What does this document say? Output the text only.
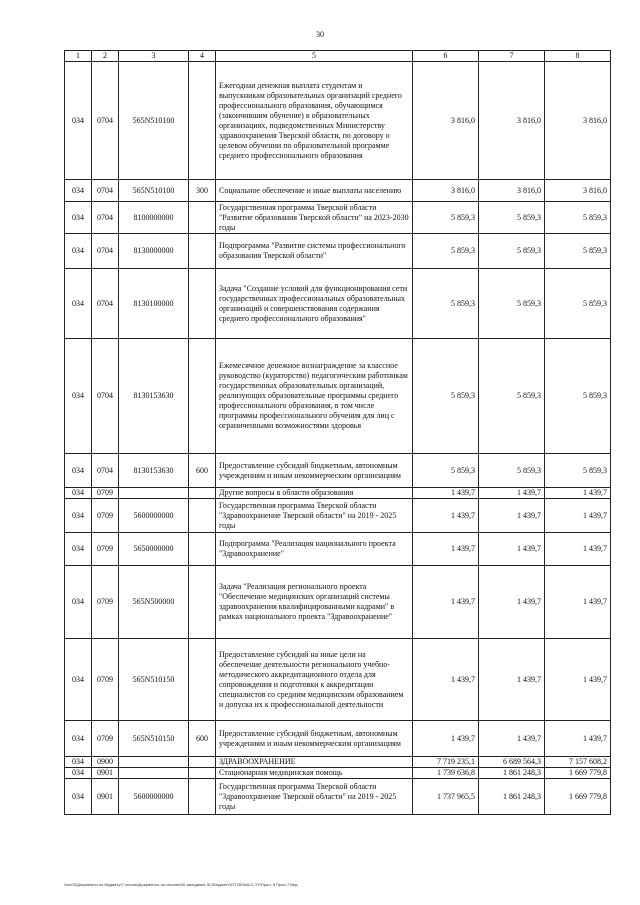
30
1	2	3	4	5	6	7	8
034	0704	565N510100		Ежегодная денежная выплата студентам и выпускникам образовательных организаций среднего профессионального образования, обучающимся (закончившим обучение) в образовательных организациях, подведомственных Министерству здравоохранения Тверской области, по договору о целевом обучении по образовательной программе среднего профессионального образования	3 816,0	3 816,0	3 816,0
034	0704	565N510100	300	Социальное обеспечение и иные выплаты населению	3 816,0	3 816,0	3 816,0
034	0704	8100000000		Государственная программа Тверской области "Развитие образования Тверской области" на 2023-2030 годы	5 859,3	5 859,3	5 859,3
034	0704	8130000000		Подпрограмма "Развитие системы профессионального образования Тверской области"	5 859,3	5 859,3	5 859,3
034	0704	8130100000		Задача "Создание условий для функционирования сети государственных профессиональных образовательных организаций и совершенствования содержания среднего профессионального образования"	5 859,3	5 859,3	5 859,3
034	0704	8130153630		Ежемесячное денежное вознаграждение за классное руководство (кураторство) педагогическим работникам государственных образовательных организаций, реализующих образовательные программы среднего профессионального образования, в том числе программы профессионального обучения для лиц с ограниченными возможностями здоровья	5 859,3	5 859,3	5 859,3
034	0704	8130153630	600	Предоставление субсидий бюджетным, автономным учреждениям и иным некоммерческим организациям	5 859,3	5 859,3	5 859,3
034	0709			Другие вопросы в области образования	1 439,7	1 439,7	1 439,7
034	0709	5600000000		Государственная программа Тверской области "Здравоохранение Тверской области" на 2019 - 2025 годы	1 439,7	1 439,7	1 439,7
034	0709	5650000000		Подпрограмма "Реализация национального проекта "Здравоохранение"	1 439,7	1 439,7	1 439,7
034	0709	565N500000		Задача "Реализация регионального проекта "Обеспечение медицинских организаций системы здравоохранения квалифицированными кадрами" в рамках национального проекта "Здравоохранение"	1 439,7	1 439,7	1 439,7
034	0709	565N510150		Предоставление субсидий на иные цели на обеспечение деятельности регионального учебно-методического аккредитационного отдела для сопровождения и подготовки к аккредитации специалистов со средним медицинским образованием и допуска их к профессиональной деятельности	1 439,7	1 439,7	1 439,7
034	0709	565N510150	600	Предоставление субсидий бюджетным, автономным учреждениям и иным некоммерческим организациям	1 439,7	1 439,7	1 439,7
034	0900			ЗДРАВООХРАНЕНИЕ	7 719 235,1	6 689 564,3	7 157 608,2
034	0901			Стационарная медицинская помощь	1 739 636,8	1 861 248,3	1 669 779,8
034	0901	5600000000		Государственная программа Тверской области "Здравоохранение Тверской области" на 2019 - 2025 годы	1 737 965,5	1 861 248,3	1 669 779,8
\\srv03\Документы по бюджету\7 сессия\Документы на сессию\28 заседание ЗС\Бюджет\ЗОТ28\ЗК8-О-ТУ\Прил. 6 Прил 7 Вед
